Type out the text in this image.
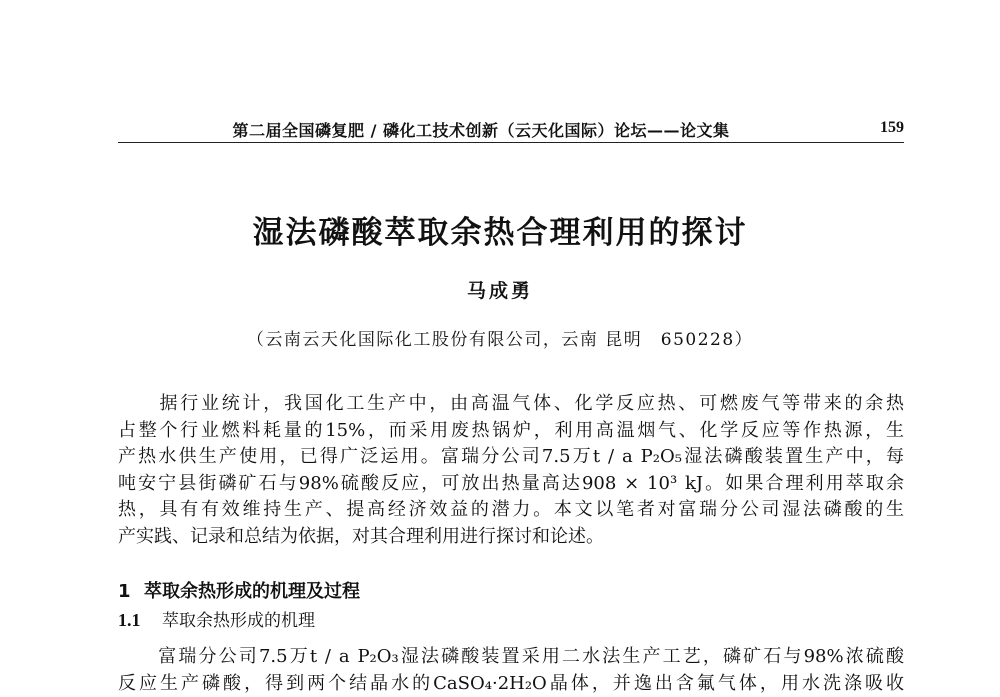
第二届全国磷复肥 / 磷化工技术创新（云天化国际）论坛——论文集	159
湿法磷酸萃取余热合理利用的探讨
马成勇
（云南云天化国际化工股份有限公司，云南 昆明　650228）
　　据行业统计，我国化工生产中，由高温气体、化学反应热、可燃废气等带来的余热
占整个行业燃料耗量的15%，而采用废热锅炉，利用高温烟气、化学反应等作热源，生
产热水供生产使用，已得广泛运用。富瑞分公司7.5万t / a P₂O₅湿法磷酸装置生产中，每
吨安宁县街磷矿石与98%硫酸反应，可放出热量高达908 × 10³ kJ。如果合理利用萃取余
热，具有有效维持生产、提高经济效益的潜力。本文以笔者对富瑞分公司湿法磷酸的生
产实践、记录和总结为依据，对其合理利用进行探讨和论述。
1 萃取余热形成的机理及过程
1.1 萃取余热形成的机理
　　富瑞分公司7.5万t / a P₂O₃湿法磷酸装置采用二水法生产工艺，磷矿石与98%浓硫酸
反应生产磷酸，得到两个结晶水的CaSO₄·2H₂O晶体，并逸出含氟气体，用水洗涤吸收
